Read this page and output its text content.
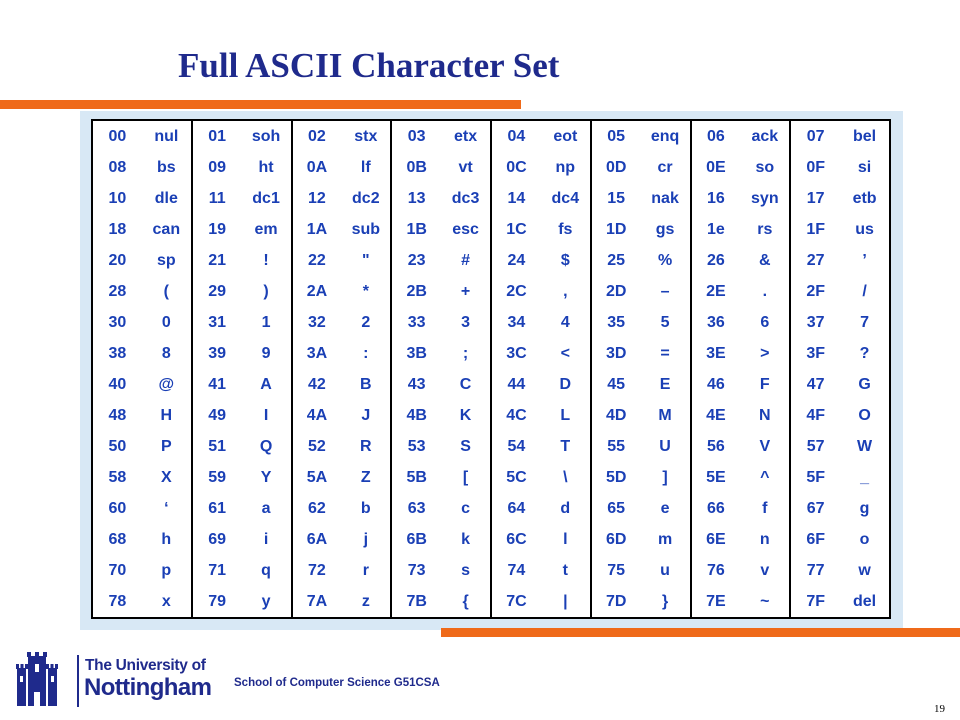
Full ASCII Character Set
00	nul	01	soh	02	stx	03	etx	04	eot	05	enq	06	ack	07	bel
08	bs	09	ht	0A	lf	0B	vt	0C	np	0D	cr	0E	so	0F	si
10	dle	11	dc1	12	dc2	13	dc3	14	dc4	15	nak	16	syn	17	etb
18	can	19	em	1A	sub	1B	esc	1C	fs	1D	gs	1e	rs	1F	us
20	sp	21	!	22	"	23	#	24	$	25	%	26	&	27	’
28	(	29	)	2A	*	2B	+	2C	,	2D	–	2E	.	2F	/
30	0	31	1	32	2	33	3	34	4	35	5	36	6	37	7
38	8	39	9	3A	:	3B	;	3C	<	3D	=	3E	>	3F	?
40	@	41	A	42	B	43	C	44	D	45	E	46	F	47	G
48	H	49	I	4A	J	4B	K	4C	L	4D	M	4E	N	4F	O
50	P	51	Q	52	R	53	S	54	T	55	U	56	V	57	W
58	X	59	Y	5A	Z	5B	[	5C	\	5D	]	5E	^	5F	_
60	‘	61	a	62	b	63	c	64	d	65	e	66	f	67	g
68	h	69	i	6A	j	6B	k	6C	l	6D	m	6E	n	6F	o
70	p	71	q	72	r	73	s	74	t	75	u	76	v	77	w
78	x	79	y	7A	z	7B	{	7C	|	7D	}	7E	~	7F	del
The University of
Nottingham School of Computer Science G51CSA
19
